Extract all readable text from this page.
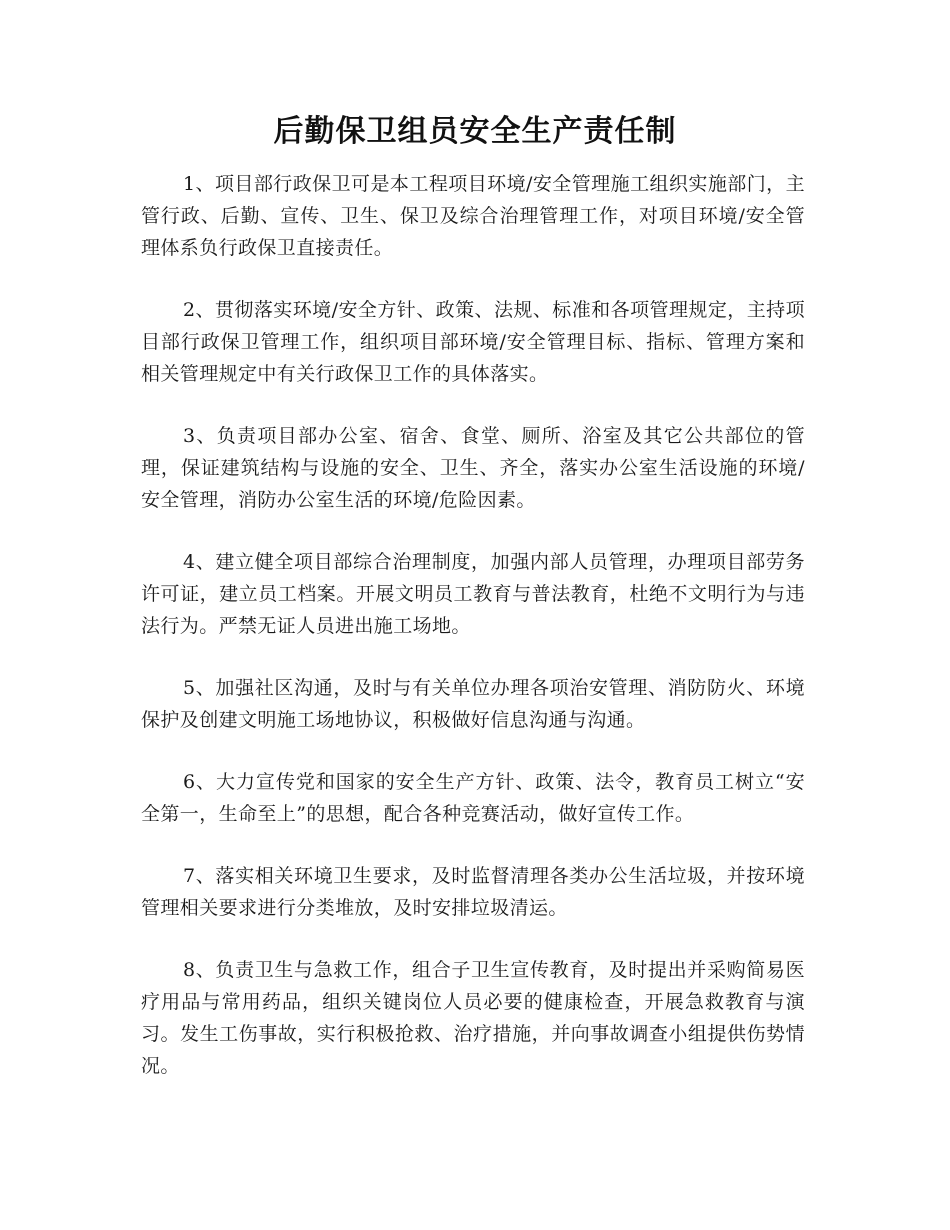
后勤保卫组员安全生产责任制

1、项目部行政保卫可是本工程项目环境/安全管理施工组织实施部门，主管行政、后勤、宣传、卫生、保卫及综合治理管理工作，对项目环境/安全管理体系负行政保卫直接责任。

2、贯彻落实环境/安全方针、政策、法规、标准和各项管理规定，主持项目部行政保卫管理工作，组织项目部环境/安全管理目标、指标、管理方案和相关管理规定中有关行政保卫工作的具体落实。

3、负责项目部办公室、宿舍、食堂、厕所、浴室及其它公共部位的管理，保证建筑结构与设施的安全、卫生、齐全，落实办公室生活设施的环境/安全管理，消防办公室生活的环境/危险因素。

4、建立健全项目部综合治理制度，加强内部人员管理，办理项目部劳务许可证，建立员工档案。开展文明员工教育与普法教育，杜绝不文明行为与违法行为。严禁无证人员进出施工场地。

5、加强社区沟通，及时与有关单位办理各项治安管理、消防防火、环境保护及创建文明施工场地协议，积极做好信息沟通与沟通。

6、大力宣传党和国家的安全生产方针、政策、法令，教育员工树立“安全第一，生命至上”的思想，配合各种竞赛活动，做好宣传工作。

7、落实相关环境卫生要求，及时监督清理各类办公生活垃圾，并按环境管理相关要求进行分类堆放，及时安排垃圾清运。

8、负责卫生与急救工作，组合子卫生宣传教育，及时提出并采购简易医疗用品与常用药品，组织关键岗位人员必要的健康检查，开展急救教育与演习。发生工伤事故，实行积极抢救、治疗措施，并向事故调查小组提供伤势情况。
